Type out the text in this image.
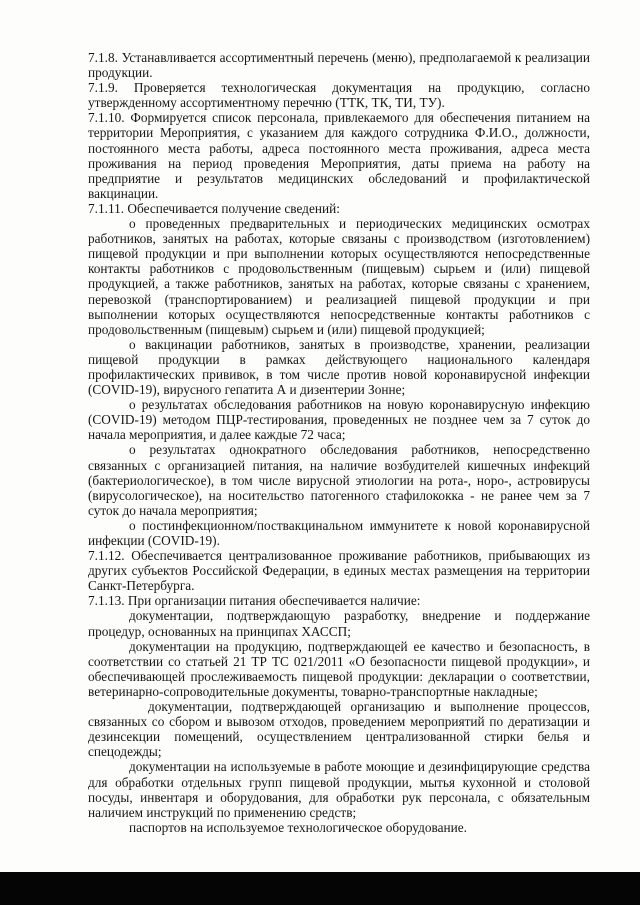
7.1.8. Устанавливается ассортиментный перечень (меню), предполагаемой к реализации продукции.

7.1.9. Проверяется технологическая документация на продукцию, согласно утвержденному ассортиментному перечню (ТТК, ТК, ТИ, ТУ).

7.1.10. Формируется список персонала, привлекаемого для обеспечения питанием на территории Мероприятия, с указанием для каждого сотрудника Ф.И.О., должности, постоянного места работы, адреса постоянного места проживания, адреса места проживания на период проведения Мероприятия, даты приема на работу на предприятие и результатов медицинских обследований и профилактической вакцинации.

7.1.11. Обеспечивается получение сведений:

о проведенных предварительных и периодических медицинских осмотрах работников, занятых на работах, которые связаны с производством (изготовлением) пищевой продукции и при выполнении которых осуществляются непосредственные контакты работников с продовольственным (пищевым) сырьем и (или) пищевой продукцией, а также работников, занятых на работах, которые связаны с хранением, перевозкой (транспортированием) и реализацией пищевой продукции и при выполнении которых осуществляются непосредственные контакты работников с продовольственным (пищевым) сырьем и (или) пищевой продукцией;

о вакцинации работников, занятых в производстве, хранении, реализации пищевой продукции в рамках действующего национального календаря профилактических прививок, в том числе против новой коронавирусной инфекции (COVID-19), вирусного гепатита А и дизентерии Зонне;

о результатах обследования работников на новую коронавирусную инфекцию (COVID-19) методом ПЦР-тестирования, проведенных не позднее чем за 7 суток до начала мероприятия, и далее каждые 72 часа;

о результатах однократного обследования работников, непосредственно связанных с организацией питания, на наличие возбудителей кишечных инфекций (бактериологическое), в том числе вирусной этиологии на рота-, норо-, астровирусы (вирусологическое), на носительство патогенного стафилококка - не ранее чем за 7 суток до начала мероприятия;

о постинфекционном/поствакцинальном иммунитете к новой коронавирусной инфекции (COVID-19).

7.1.12. Обеспечивается централизованное проживание работников, прибывающих из других субъектов Российской Федерации, в единых местах размещения на территории Санкт-Петербурга.

7.1.13. При организации питания обеспечивается наличие:

документации, подтверждающую разработку, внедрение и поддержание процедур, основанных на принципах ХАССП;

документации на продукцию, подтверждающей ее качество и безопасность, в соответствии со статьей 21 ТР ТС 021/2011 «О безопасности пищевой продукции», и обеспечивающей прослеживаемость пищевой продукции: декларации о соответствии, ветеринарно-сопроводительные документы, товарно-транспортные накладные;

документации, подтверждающей организацию и выполнение процессов, связанных со сбором и вывозом отходов, проведением мероприятий по дератизации и дезинсекции помещений, осуществлением централизованной стирки белья и спецодежды;

документации на используемые в работе моющие и дезинфицирующие средства для обработки отдельных групп пищевой продукции, мытья кухонной и столовой посуды, инвентаря и оборудования, для обработки рук персонала, с обязательным наличием инструкций по применению средств;

паспортов на используемое технологическое оборудование.
